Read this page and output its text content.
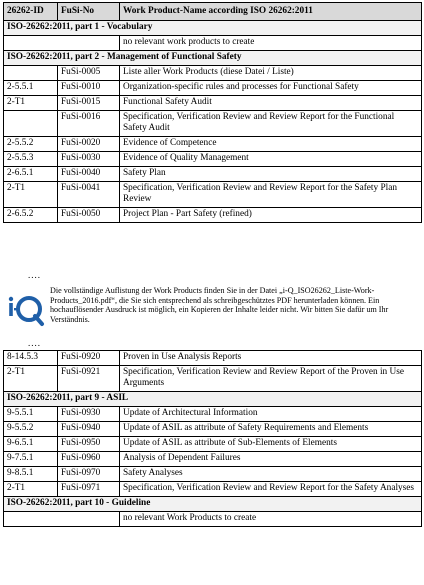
26262-ID	FuSi-No	Work Product-Name according ISO 26262:2011
ISO-26262:2011, part 1 - Vocabulary		
		no relevant work products to create
ISO-26262:2011, part 2 - Management of Functional Safety		
	FuSi-0005	Liste aller Work Products (diese Datei / Liste)
2-5.5.1	FuSi-0010	Organization-specific rules and processes for Functional Safety
2-T1	FuSi-0015	Functional Safety Audit
	FuSi-0016	Specification, Verification Review and Review Report for the Functional Safety Audit
2-5.5.2	FuSi-0020	Evidence of Competence
2-5.5.3	FuSi-0030	Evidence of Quality Management
2-6.5.1	FuSi-0040	Safety Plan
2-T1	FuSi-0041	Specification, Verification Review and Review Report for the Safety Plan Review
2-6.5.2	FuSi-0050	Project Plan - Part Safety (refined)
....
Die vollständige Auflistung der Work Products finden Sie in der Datei „i-Q_ISO26262_Liste-Work-Products_2016.pdf“, die Sie sich entsprechend als schreibgeschütztes PDF herunterladen können. Ein hochauflösender Ausdruck ist möglich, ein Kopieren der Inhalte leider nicht. Wir bitten Sie dafür um Ihr Verständnis.
....
8-14.5.3	FuSi-0920	Proven in Use Analysis Reports
2-T1	FuSi-0921	Specification, Verification Review and Review Report of the Proven in Use Arguments
ISO-26262:2011, part 9 - ASIL		
9-5.5.1	FuSi-0930	Update of Architectural Information
9-5.5.2	FuSi-0940	Update of ASIL as attribute of Safety Requirements and Elements
9-6.5.1	FuSi-0950	Update of ASIL as attribute of Sub-Elements of Elements
9-7.5.1	FuSi-0960	Analysis of Dependent Failures
9-8.5.1	FuSi-0970	Safety Analyses
2-T1	FuSi-0971	Specification, Verification Review and Review Report for the Safety Analyses
ISO-26262:2011, part 10 - Guideline		
		no relevant Work Products to create
